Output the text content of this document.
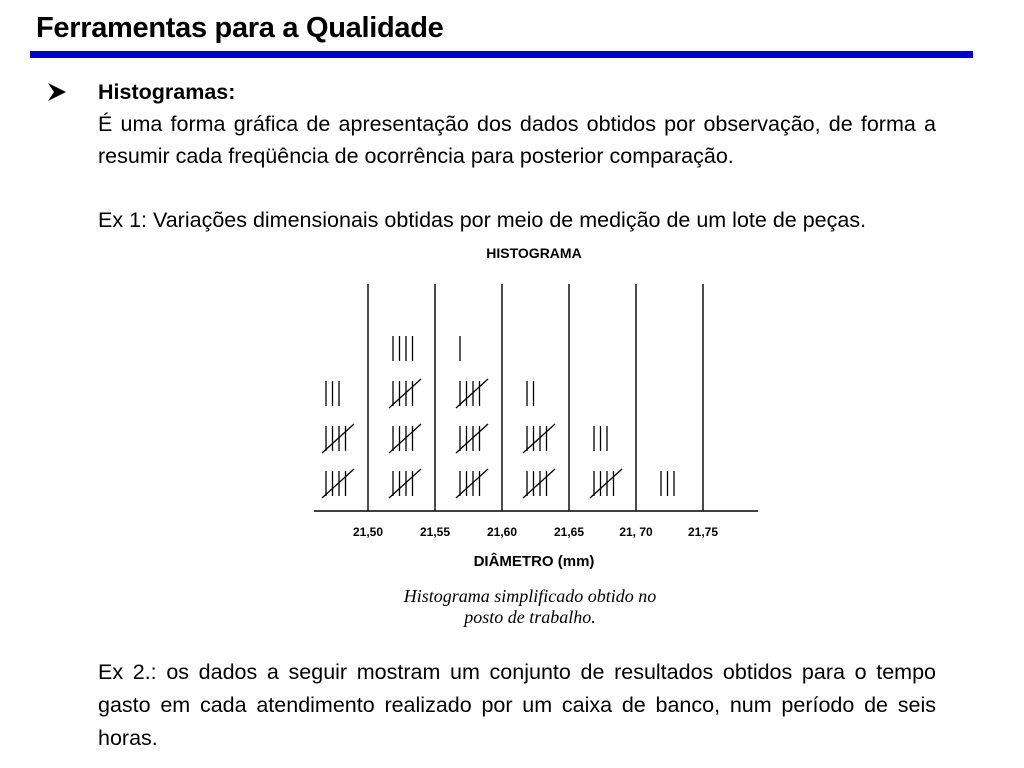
Ferramentas para a Qualidade
Histogramas:

É uma forma gráfica de apresentação dos dados obtidos por observação, de forma a resumir cada freqüência de ocorrência para posterior comparação.

Ex 1: Variações dimensionais obtidas por meio de medição de um lote de peças.

HISTOGRAMA
21,50	21,55	21,60	21,65	21, 70	21,75
DIÂMETRO (mm)
Histograma simplificado obtido no
posto de trabalho.

Ex 2.: os dados a seguir mostram um conjunto de resultados obtidos para o tempo gasto em cada atendimento realizado por um caixa de banco, num período de seis horas.
